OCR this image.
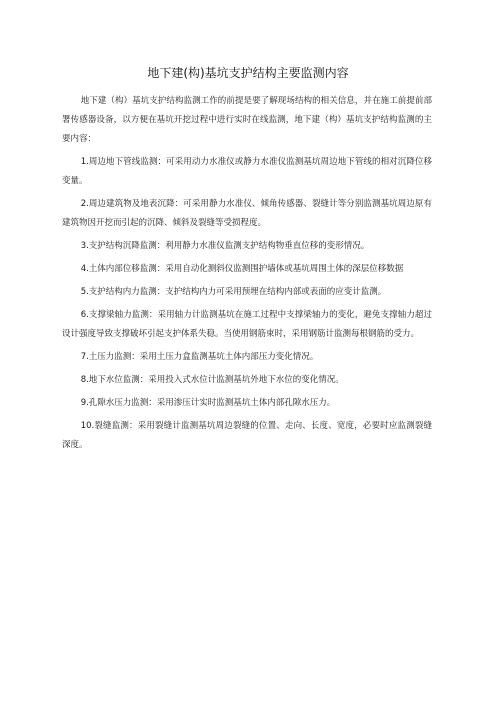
地下建(构)基坑支护结构主要监测内容

地下建（构）基坑支护结构监测工作的前提是要了解现场结构的相关信息，并在施工前提前部署传感器设备，以方便在基坑开挖过程中进行实时在线监测，地下建（构）基坑支护结构监测的主要内容：

1.周边地下管线监测：可采用动力水准仪或静力水准仪监测基坑周边地下管线的相对沉降位移变量。

2.周边建筑物及地表沉降：可采用静力水准仪、倾角传感器、裂缝计等分别监测基坑周边原有建筑物因开挖而引起的沉降、倾斜及裂缝等受损程度。

3.支护结构沉降监测：利用静力水准仪监测支护结构物垂直位移的变形情况。

4.土体内部位移监测：采用自动化测斜仪监测围护墙体或基坑周围土体的深层位移数据

5.支护结构内力监测：支护结构内力可采用预埋在结构内部或表面的应变计监测。

6.支撑梁轴力监测：采用轴力计监测基坑在施工过程中支撑梁轴力的变化，避免支撑轴力超过设计强度导致支撑破坏引起支护体系失稳。当使用钢筋束时，采用钢筋计监测每根钢筋的受力。

7.土压力监测：采用土压力盒监测基坑土体内部压力变化情况。

8.地下水位监测：采用投入式水位计监测基坑外地下水位的变化情况。

9.孔隙水压力监测：采用渗压计实时监测基坑土体内部孔隙水压力。

10.裂缝监测：采用裂缝计监测基坑周边裂缝的位置、走向、长度、宽度，必要时应监测裂缝深度。
